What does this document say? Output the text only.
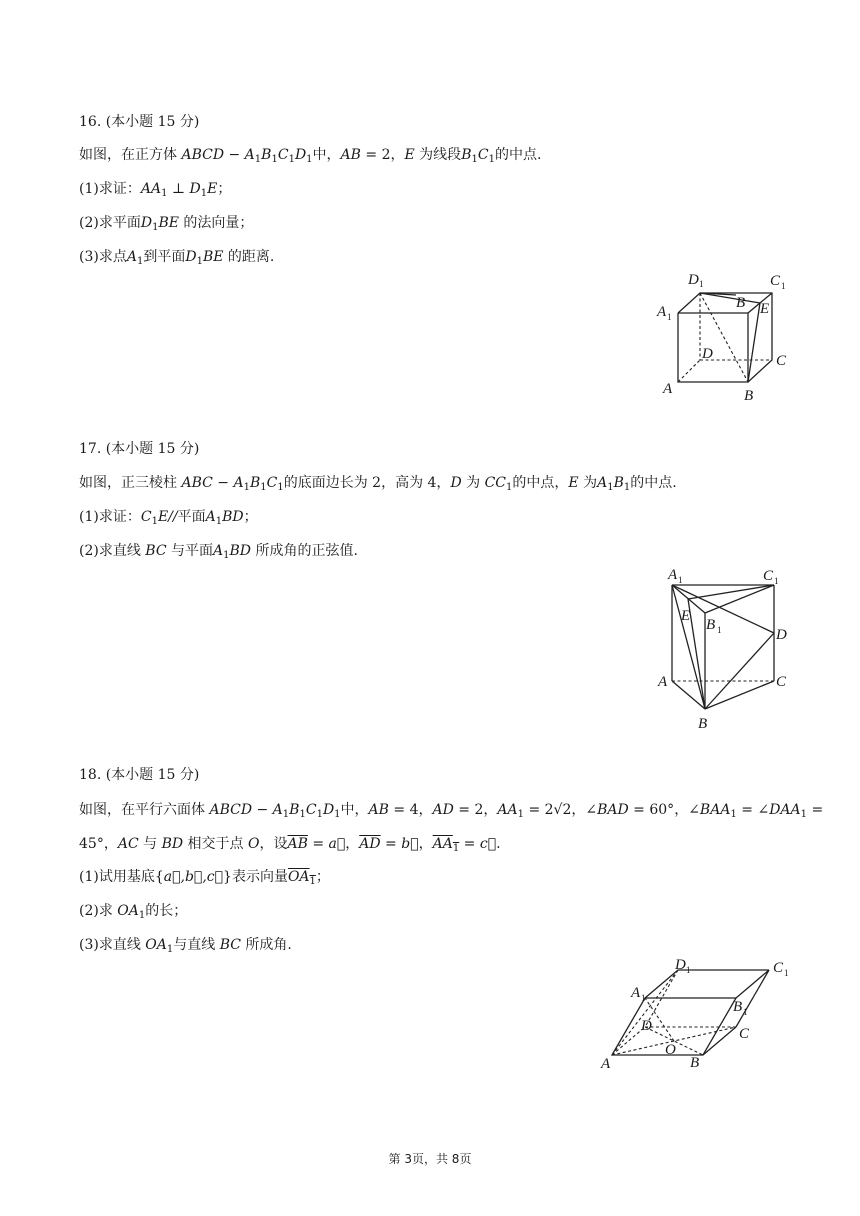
16. (本小题 15 分)
如图，在正方体 ABCD − $A_1B_1C_1D_1$中，AB = 2，E 为线段$B_1C_1$的中点.
(1)求证：$AA_1$ ⊥ $D_1E$；
(2)求平面$D_1BE$ 的法向量；
(3)求点$A_1$到平面$D_1BE$ 的距离.
D 1	C 1
A 1
B E
D	C
A	B
17. (本小题 15 分)
如图，正三棱柱 ABC − $A_1B_1C_1$的底面边长为 2，高为 4，D 为 $CC_1$的中点，E 为$A_1B_1$的中点.
(1)求证：$C_1E//$平面$A_1BD$；
(2)求直线 BC 与平面$A_1BD$ 所成角的正弦值.
A 1	C 1
E
B 1	D
A	C
B
18. (本小题 15 分)
如图，在平行六面体 ABCD − $A_1B_1C_1D_1$中，AB = 4，AD = 2，$AA_1 = 2√2$，∠BAD = 60°，$\angle BAA_1$ = $\angle DAA_1$ =
45°，AC 与 BD 相交于点 O，设$\overline{AB}$ = a⃗，$\overline{AD}$ = b⃗，$AA_1$ = c⃗.
(1)试用基底{a⃗,b⃗,c⃗}表示向量$OA_1$；
(2)求 $OA_1$的长；
(3)求直线 $OA_1$与直线 BC 所成角.
D 1	C 1
A 1
B 1
D	C
O
A	B
第 3页，共 8页
